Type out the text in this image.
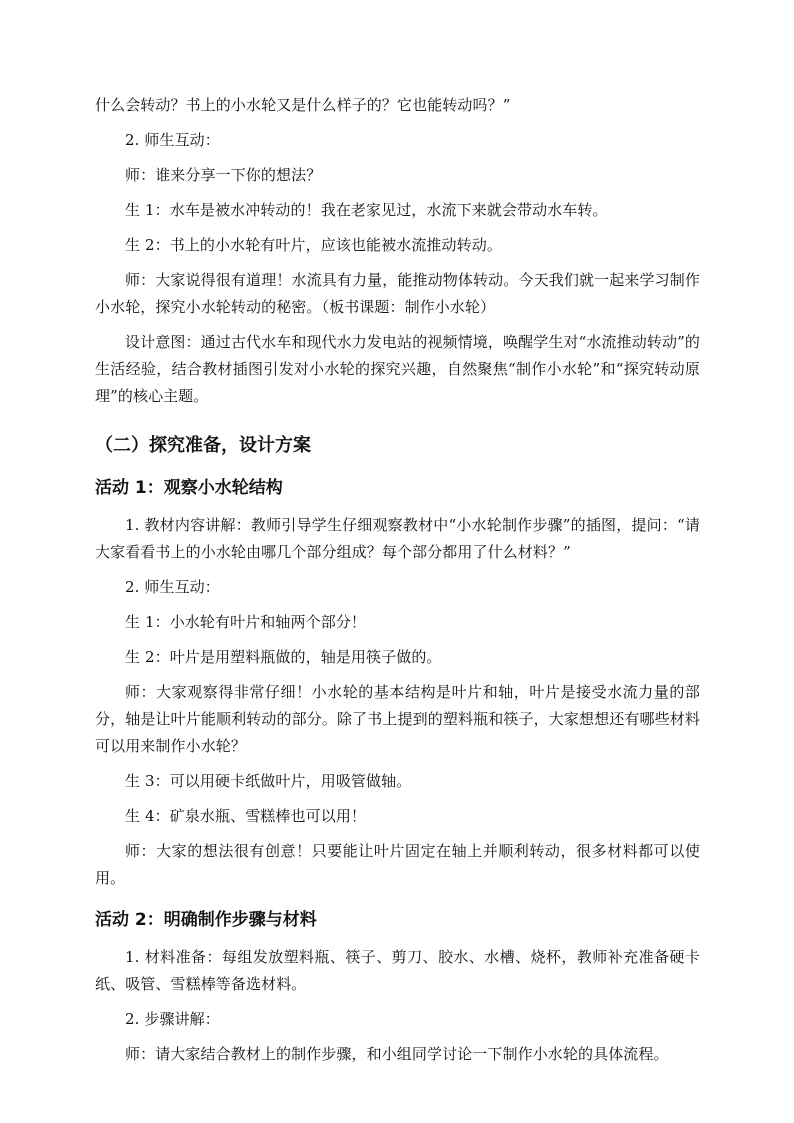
什么会转动？书上的小水轮又是什么样子的？它也能转动吗？”

2. 师生互动：

师：谁来分享一下你的想法？

生 1：水车是被水冲转动的！我在老家见过，水流下来就会带动水车转。

生 2：书上的小水轮有叶片，应该也能被水流推动转动。

师：大家说得很有道理！水流具有力量，能推动物体转动。今天我们就一起来学习制作小水轮，探究小水轮转动的秘密。（板书课题：制作小水轮）

设计意图：通过古代水车和现代水力发电站的视频情境，唤醒学生对“水流推动转动”的生活经验，结合教材插图引发对小水轮的探究兴趣，自然聚焦“制作小水轮”和“探究转动原理”的核心主题。

（二）探究准备，设计方案
活动 1：观察小水轮结构

1. 教材内容讲解：教师引导学生仔细观察教材中“小水轮制作步骤”的插图，提问：“请大家看看书上的小水轮由哪几个部分组成？每个部分都用了什么材料？”

2. 师生互动：

生 1：小水轮有叶片和轴两个部分！

生 2：叶片是用塑料瓶做的，轴是用筷子做的。

师：大家观察得非常仔细！小水轮的基本结构是叶片和轴，叶片是接受水流力量的部分，轴是让叶片能顺利转动的部分。除了书上提到的塑料瓶和筷子，大家想想还有哪些材料可以用来制作小水轮？

生 3：可以用硬卡纸做叶片，用吸管做轴。

生 4：矿泉水瓶、雪糕棒也可以用！

师：大家的想法很有创意！只要能让叶片固定在轴上并顺利转动，很多材料都可以使用。

活动 2：明确制作步骤与材料

1. 材料准备：每组发放塑料瓶、筷子、剪刀、胶水、水槽、烧杯，教师补充准备硬卡纸、吸管、雪糕棒等备选材料。

2. 步骤讲解：

师：请大家结合教材上的制作步骤，和小组同学讨论一下制作小水轮的具体流程。
